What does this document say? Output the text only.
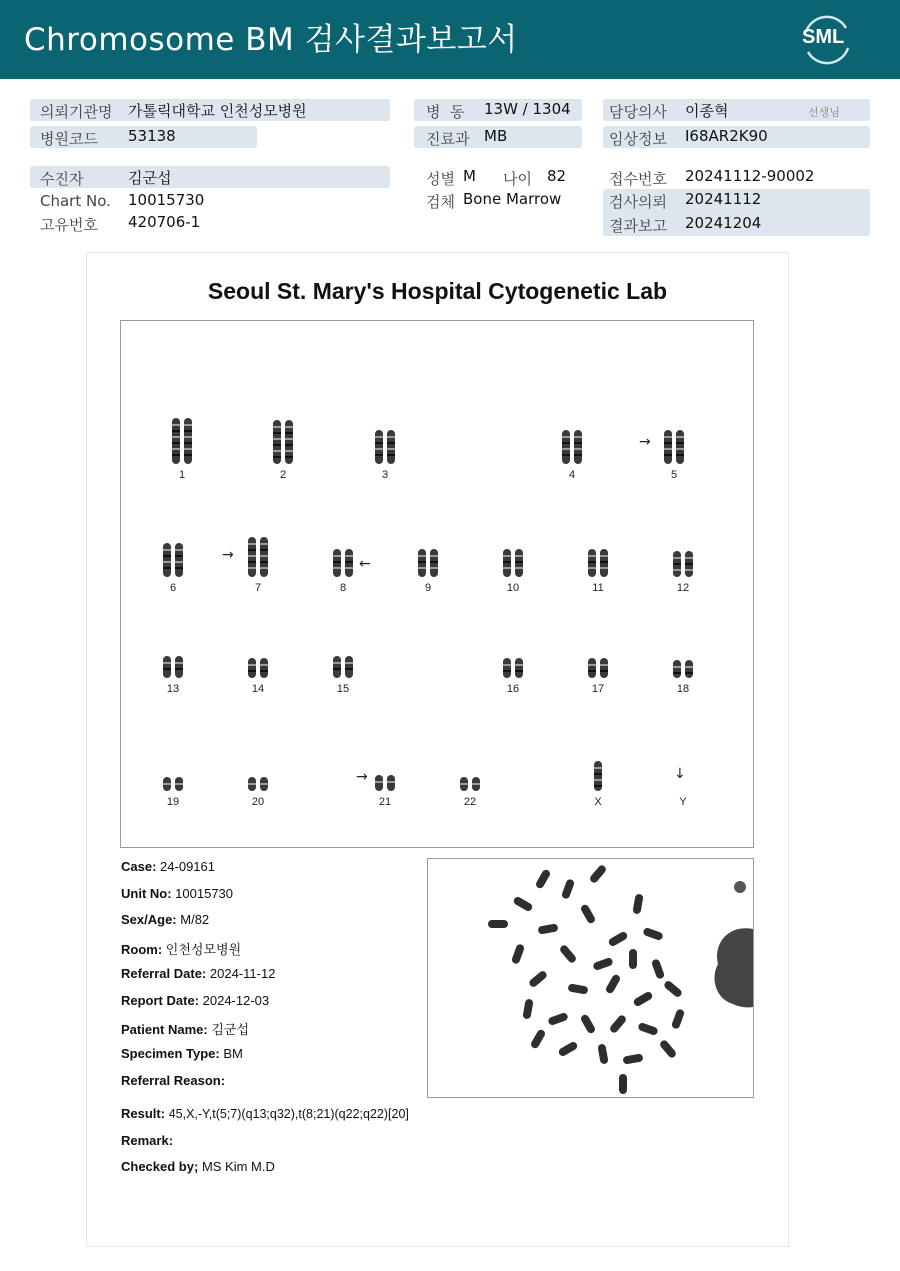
Chromosome BM 검사결과보고서	SML
의뢰기관명 가톨릭대학교 인천성모병원
병원코드 53138
병  동 13W / 1304
진료과 MB
담당의사 이종혁	선생님
임상정보 I68AR2K90
수진자	김군섭
Chart No. 10015730
고유번호 420706-1
성별 M 나이 82
검체 Bone Marrow
접수번호 20241112-90002
검사의뢰 20241112
결과보고 20241204
Seoul St. Mary's Hospital Cytogenetic Lab
→
→
←
→	↓
1	2	3	4	5
6	7	8	9	10	11	12
13	14	15	16	17	18
19	20	21	22	X	Y
Case: 24-09161
Unit No: 10015730
Sex/Age: M/82
Room: 인천성모병원
Referral Date: 2024-11-12
Report Date: 2024-12-03
Patient Name: 김군섭
Specimen Type: BM
Referral Reason:
Result: 45,X,-Y,t(5;7)(q13;q32),t(8;21)(q22;q22)[20]
Remark:
Checked by; MS Kim M.D
